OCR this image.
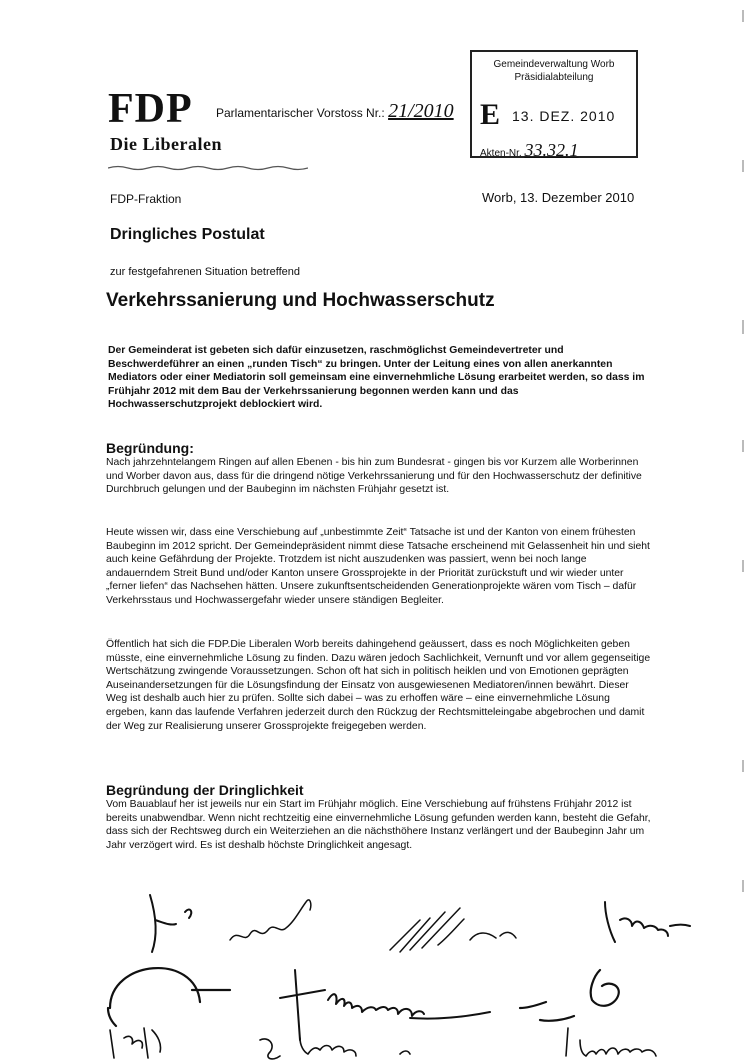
FDP Parlamentarischer Vorstoss Nr.: 21/2010
Die Liberalen
Gemeindeverwaltung Worb
Präsidialabteilung
E 13. DEZ. 2010
Akten-Nr. 33.32.1
FDP-Fraktion	Worb, 13. Dezember 2010
Dringliches Postulat
zur festgefahrenen Situation betreffend
Verkehrssanierung und Hochwasserschutz
Der Gemeinderat ist gebeten sich dafür einzusetzen, raschmöglichst Gemeindevertreter und Beschwerdeführer an einen „runden Tisch“ zu bringen. Unter der Leitung eines von allen anerkannten Mediators oder einer Mediatorin soll gemeinsam eine einvernehmliche Lösung erarbeitet werden, so dass im Frühjahr 2012 mit dem Bau der Verkehrssanierung begonnen werden kann und das Hochwasserschutzprojekt deblockiert wird.
Begründung:
Nach jahrzehntelangem Ringen auf allen Ebenen - bis hin zum Bundesrat - gingen bis vor Kurzem alle Worberinnen und Worber davon aus, dass für die dringend nötige Verkehrssanierung und für den Hochwasserschutz der definitive Durchbruch gelungen und der Baubeginn im nächsten Frühjahr gesetzt ist.
Heute wissen wir, dass eine Verschiebung auf „unbestimmte Zeit“ Tatsache ist und der Kanton von einem frühesten Baubeginn im 2012 spricht. Der Gemeindepräsident nimmt diese Tatsache erscheinend mit Gelassenheit hin und sieht auch keine Gefährdung der Projekte. Trotzdem ist nicht auszudenken was passiert, wenn bei noch lange andauerndem Streit Bund und/oder Kanton unsere Grossprojekte in der Priorität zurückstuft und wir wieder unter „ferner liefen“ das Nachsehen hätten. Unsere zukunftsentscheidenden Generationprojekte wären vom Tisch – dafür Verkehrsstaus und Hochwassergefahr wieder unsere ständigen Begleiter.
Öffentlich hat sich die FDP.Die Liberalen Worb bereits dahingehend geäussert, dass es noch Möglichkeiten geben müsste, eine einvernehmliche Lösung zu finden. Dazu wären jedoch Sachlichkeit, Vernunft und vor allem gegenseitige Wertschätzung zwingende Voraussetzungen. Schon oft hat sich in politisch heiklen und von Emotionen geprägten Auseinandersetzungen für die Lösungsfindung der Einsatz von ausgewiesenen Mediatoren/innen bewährt. Dieser Weg ist deshalb auch hier zu prüfen. Sollte sich dabei – was zu erhoffen wäre – eine einvernehmliche Lösung ergeben, kann das laufende Verfahren jederzeit durch den Rückzug der Rechtsmitteleingabe abgebrochen und damit der Weg zur Realisierung unserer Grossprojekte freigegeben werden.
Begründung der Dringlichkeit
Vom Bauablauf her ist jeweils nur ein Start im Frühjahr möglich. Eine Verschiebung auf frühstens Frühjahr 2012 ist bereits unabwendbar. Wenn nicht rechtzeitig eine einvernehmliche Lösung gefunden werden kann, besteht die Gefahr, dass sich der Rechtsweg durch ein Weiterziehen an die nächsthöhere Instanz verlängert und der Baubeginn Jahr um Jahr verzögert wird. Es ist deshalb höchste Dringlichkeit angesagt.
